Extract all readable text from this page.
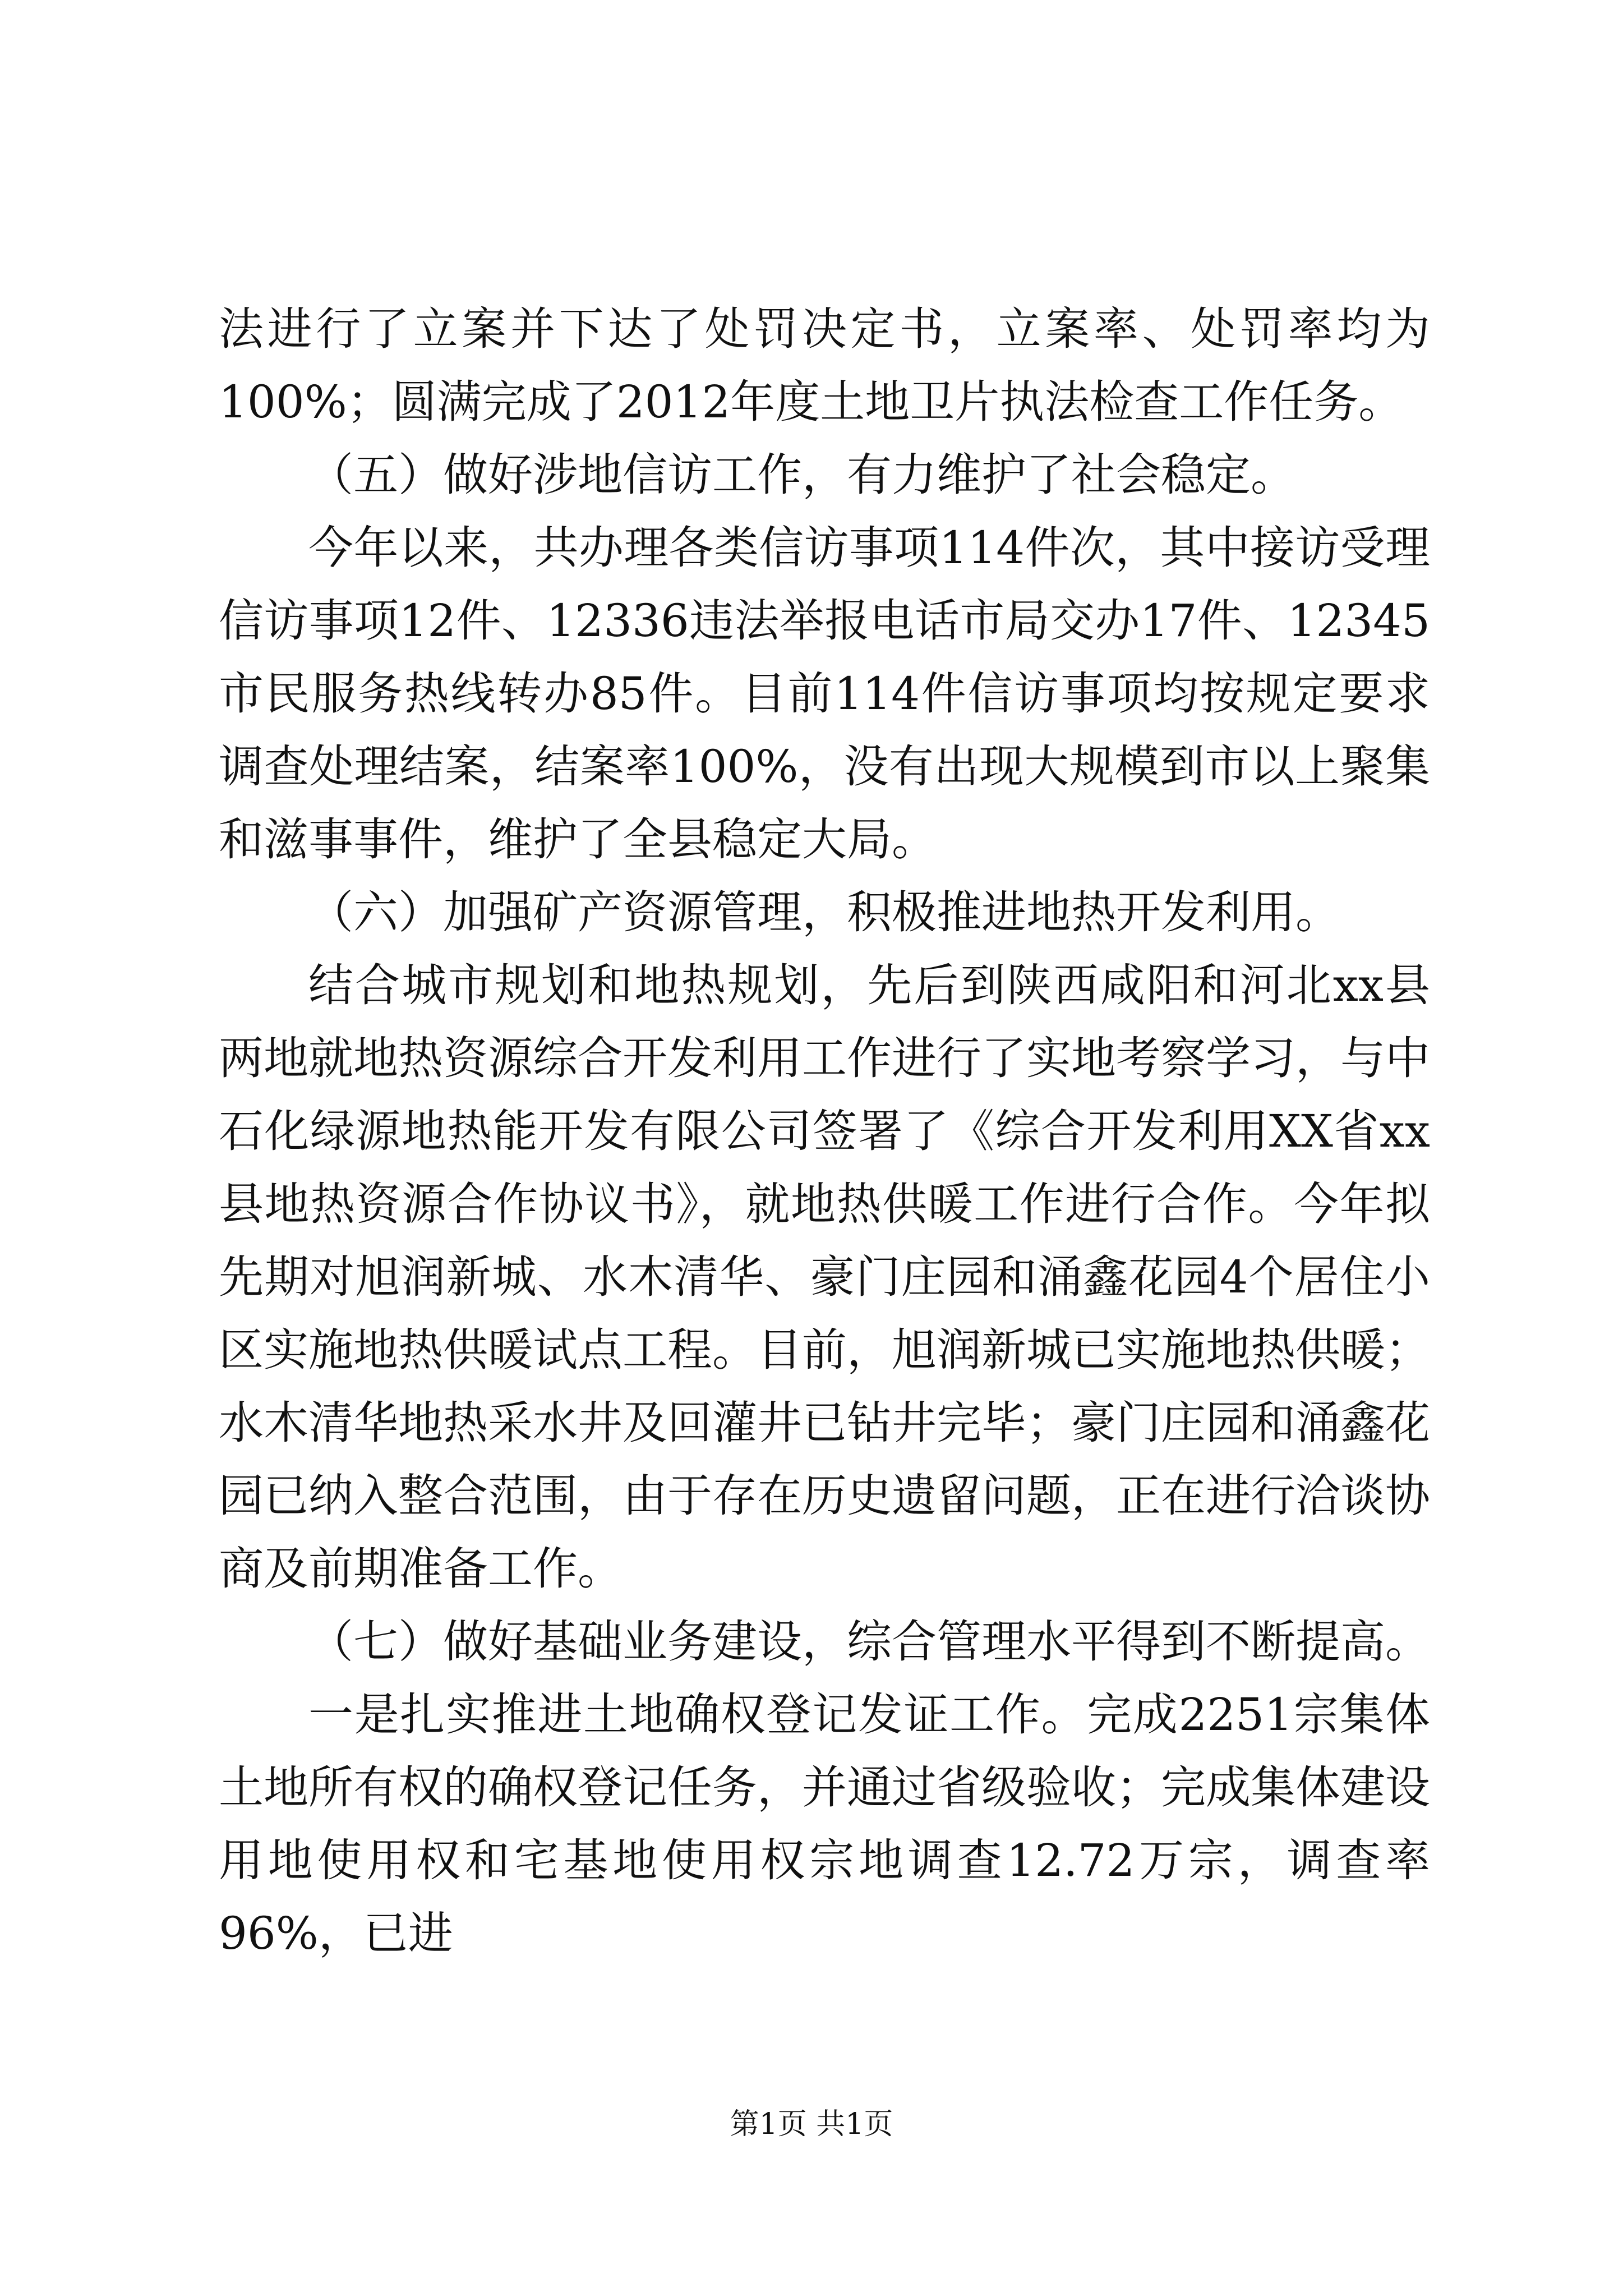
法进行了立案并下达了处罚决定书，立案率、处罚率均为100%；圆满完成了2012年度土地卫片执法检查工作任务。

（五）做好涉地信访工作，有力维护了社会稳定。

今年以来，共办理各类信访事项114件次，其中接访受理信访事项12件、12336违法举报电话市局交办17件、12345市民服务热线转办85件。目前114件信访事项均按规定要求调查处理结案，结案率100%，没有出现大规模到市以上聚集和滋事事件，维护了全县稳定大局。

（六）加强矿产资源管理，积极推进地热开发利用。

结合城市规划和地热规划，先后到陕西咸阳和河北xx县两地就地热资源综合开发利用工作进行了实地考察学习，与中石化绿源地热能开发有限公司签署了《综合开发利用XX省xx县地热资源合作协议书》，就地热供暖工作进行合作。今年拟先期对旭润新城、水木清华、豪门庄园和涌鑫花园4个居住小区实施地热供暖试点工程。目前，旭润新城已实施地热供暖；水木清华地热采水井及回灌井已钻井完毕；豪门庄园和涌鑫花园已纳入整合范围，由于存在历史遗留问题，正在进行洽谈协商及前期准备工作。

（七）做好基础业务建设，综合管理水平得到不断提高。

一是扎实推进土地确权登记发证工作。完成2251宗集体土地所有权的确权登记任务，并通过省级验收；完成集体建设用地使用权和宅基地使用权宗地调查12.72万宗，调查率96%，已进

第1页 共1页
